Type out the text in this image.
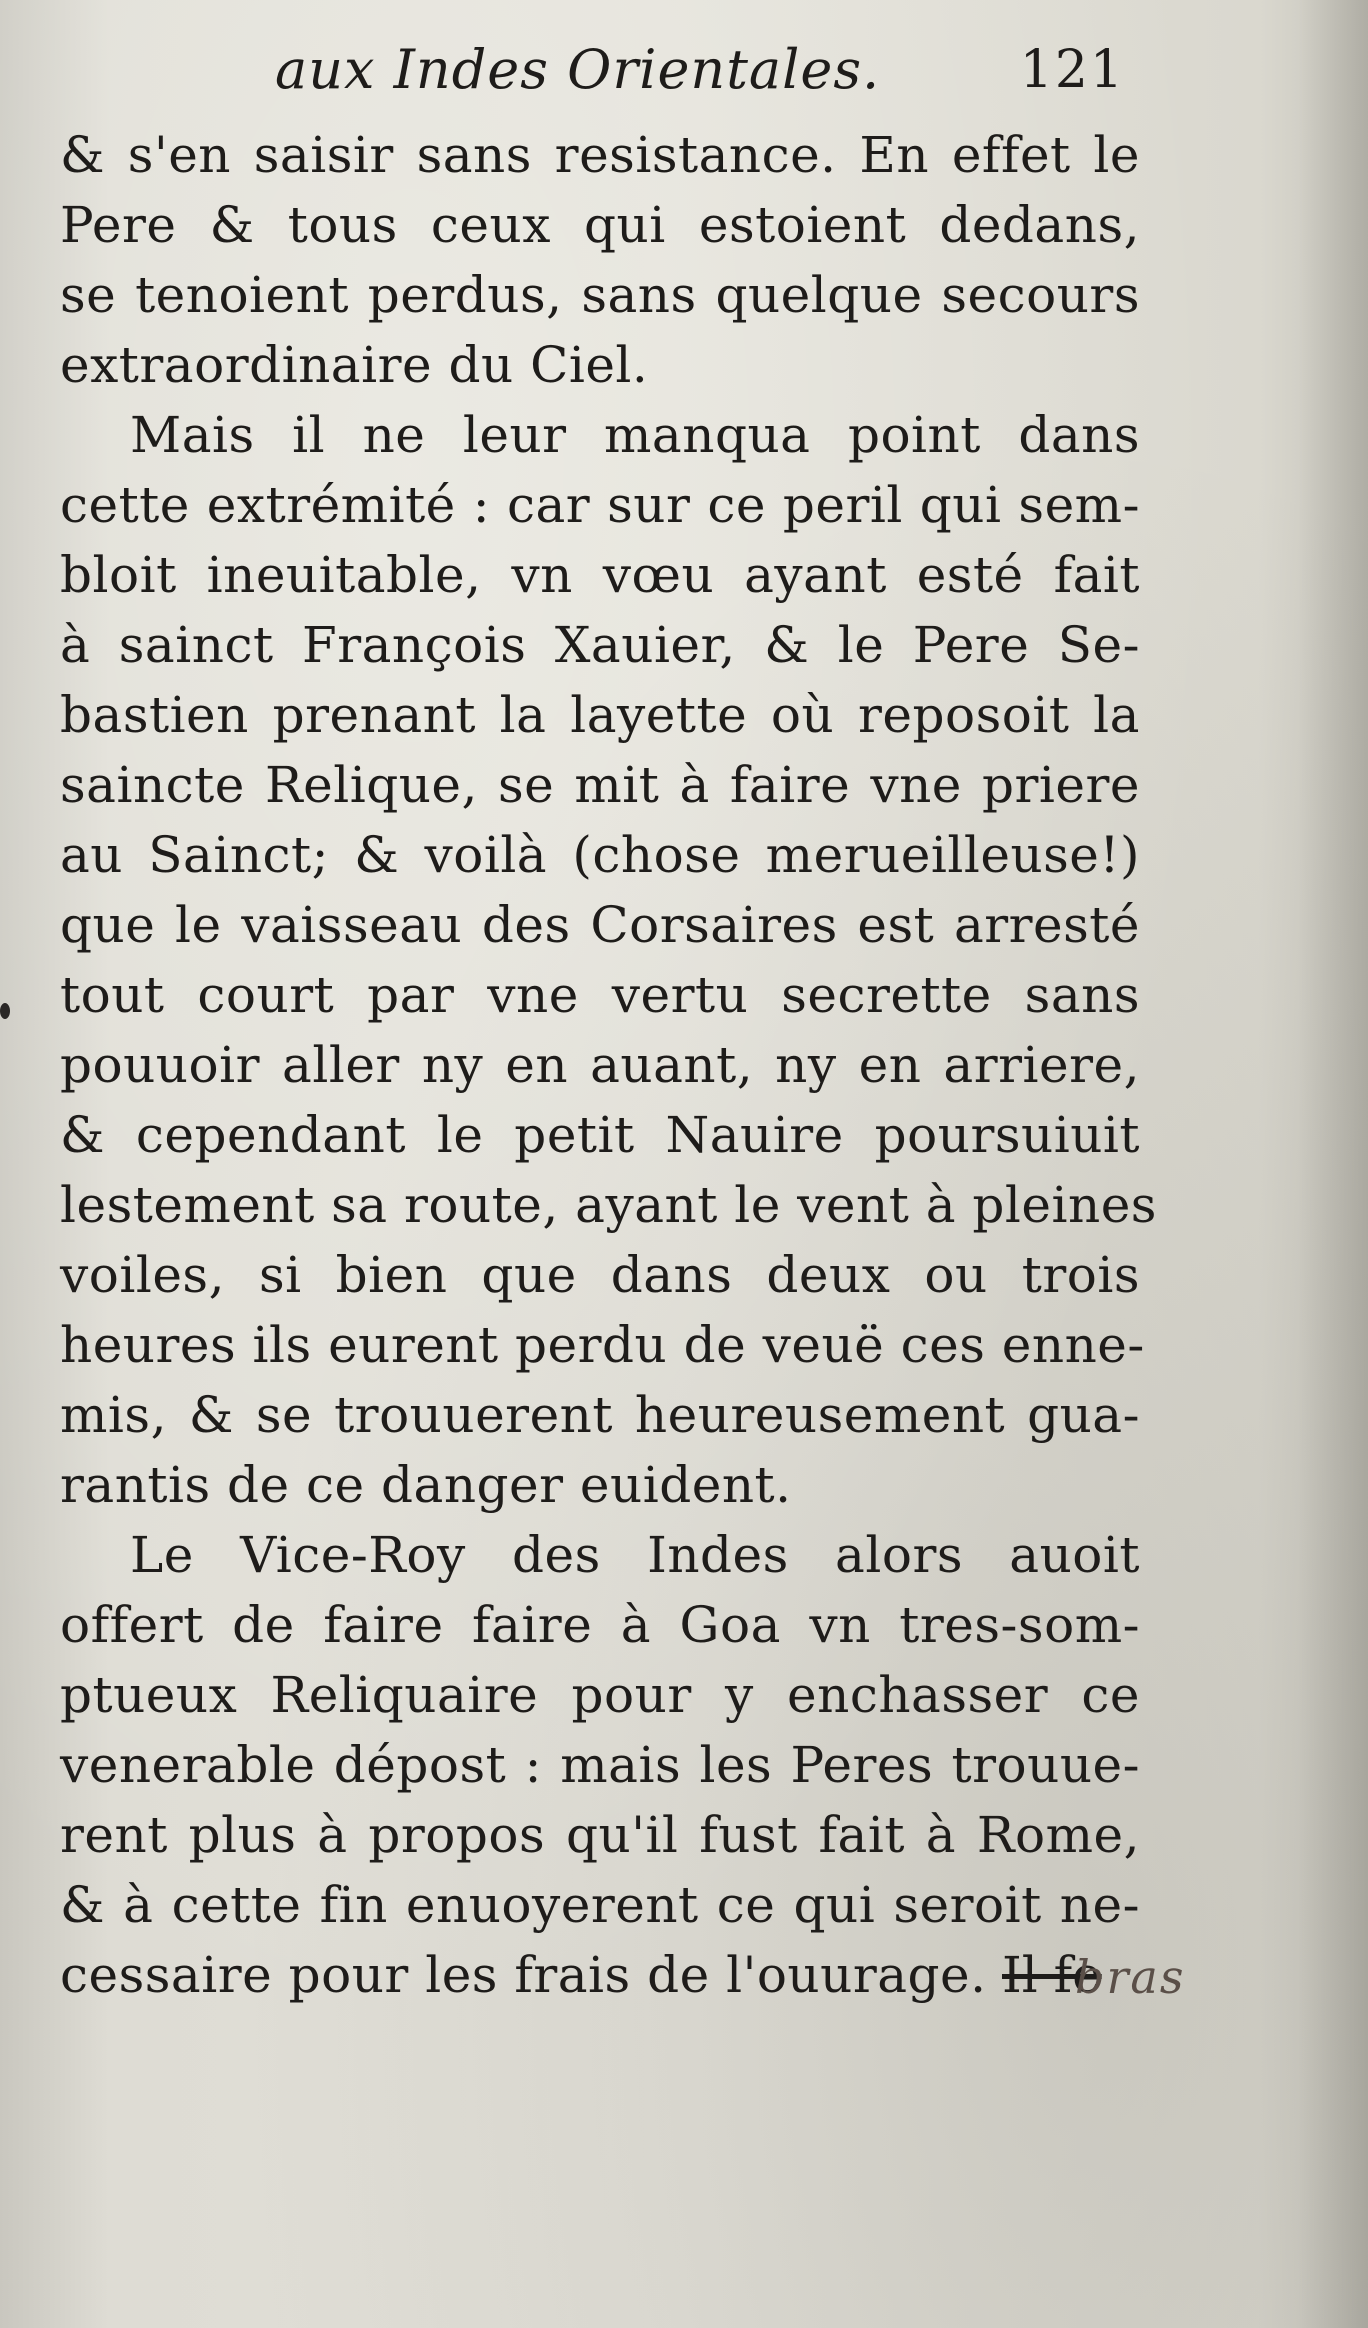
aux Indes Orientales.	121
& s'en saisir sans resistance. En effet le
Pere & tous ceux qui estoient dedans,
se tenoient perdus, sans quelque secours
extraordinaire du Ciel.
Mais il ne leur manqua point dans
cette extrémité : car sur ce peril qui sem-
bloit ineuitable, vn vœu ayant esté fait
à sainct François Xauier, & le Pere Se-
bastien prenant la layette où reposoit la
saincte Relique, se mit à faire vne priere
au Sainct; & voilà (chose merueilleuse!)
que le vaisseau des Corsaires est arresté
tout court par vne vertu secrette sans
pouuoir aller ny en auant, ny en arriere,
& cependant le petit Nauire poursuiuit
lestement sa route, ayant le vent à pleines
voiles, si bien que dans deux ou trois
heures ils eurent perdu de veuë ces enne-
mis, & se trouuerent heureusement gua-
rantis de ce danger euident.
Le Vice-Roy des Indes alors auoit
offert de faire faire à Goa vn tres-som-
ptueux Reliquaire pour y enchasser ce
venerable dépost : mais les Peres trouue-
rent plus à propos qu'il fust fait à Rome,
& à cette fin enuoyerent ce qui seroit ne-
cessaire pour les frais de l'ouurage. Il fe
bras
